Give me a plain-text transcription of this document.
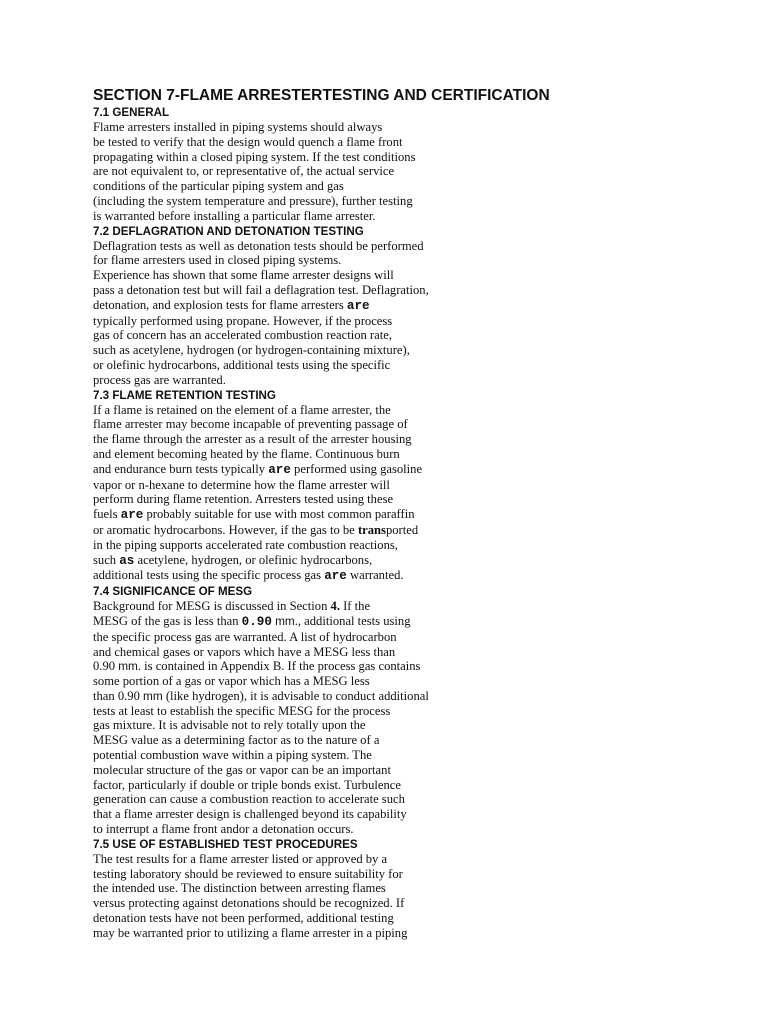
SECTION 7-FLAME ARRESTERTESTING AND CERTIFICATION
7.1 GENERAL
Flame arresters installed in piping systems should always
be tested to verify that the design would quench a flame front
propagating within a closed piping system. If the test conditions
are not equivalent to, or representative of, the actual service
conditions of the particular piping system and gas
(including the system temperature and pressure), further testing
is warranted before installing a particular flame arrester.
7.2 DEFLAGRATION AND DETONATION TESTING
Deflagration tests as well as detonation tests should be performed
for flame arresters used in closed piping systems.
Experience has shown that some flame arrester designs will
pass a detonation test but will fail a deflagration test. Deflagration,
detonation, and explosion tests for flame arresters are
typically performed using propane. However, if the process
gas of concern has an accelerated combustion reaction rate,
such as acetylene, hydrogen (or hydrogen-containing mixture),
or olefinic hydrocarbons, additional tests using the specific
process gas are warranted.
7.3 FLAME RETENTION TESTING
If a flame is retained on the element of a flame arrester, the
flame arrester may become incapable of preventing passage of
the flame through the arrester as a result of the arrester housing
and element becoming heated by the flame. Continuous burn
and endurance burn tests typically are performed using gasoline
vapor or n-hexane to determine how the flame arrester will
perform during flame retention. Arresters tested using these
fuels are probably suitable for use with most common paraffin
or aromatic hydrocarbons. However, if the gas to be transported
in the piping supports accelerated rate combustion reactions,
such as acetylene, hydrogen, or olefinic hydrocarbons,
additional tests using the specific process gas are warranted.
7.4 SIGNIFICANCE OF MESG
Background for MESG is discussed in Section 4. If the
MESG of the gas is less than 0.90 mm., additional tests using
the specific process gas are warranted. A list of hydrocarbon
and chemical gases or vapors which have a MESG less than
0.90 mm. is contained in Appendix B. If the process gas contains
some portion of a gas or vapor which has a MESG less
than 0.90 mm (like hydrogen), it is advisable to conduct additional
tests at least to establish the specific MESG for the process
gas mixture. It is advisable not to rely totally upon the
MESG value as a determining factor as to the nature of a
potential combustion wave within a piping system. The
molecular structure of the gas or vapor can be an important
factor, particularly if double or triple bonds exist. Turbulence
generation can cause a combustion reaction to accelerate such
that a flame arrester design is challenged beyond its capability
to interrupt a flame front andor a detonation occurs.
7.5 USE OF ESTABLISHED TEST PROCEDURES
The test results for a flame arrester listed or approved by a
testing laboratory should be reviewed to ensure suitability for
the intended use. The distinction between arresting flames
versus protecting against detonations should be recognized. If
detonation tests have not been performed, additional testing
may be warranted prior to utilizing a flame arrester in a piping
